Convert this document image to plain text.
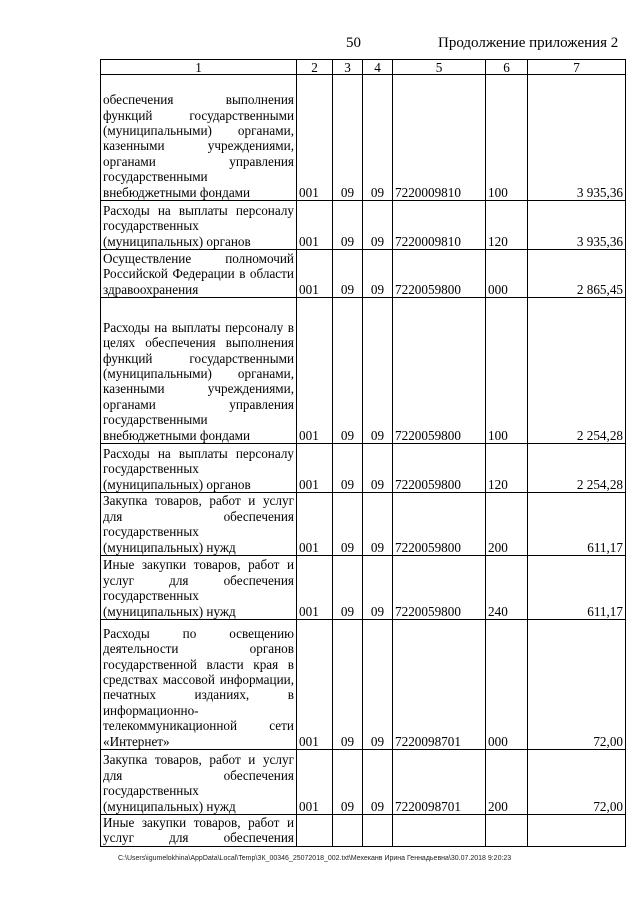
50	Продолжение приложения 2
1	2	3	4	5	6	7
обеспечения выполнения функций государственными (муниципальными) органами, казенными учреждениями, органами управления государственными внебюджетными фондами	001	09	09	7220009810	100	3 935,36
Расходы на выплаты персоналу государственных (муниципальных) органов	001	09	09	7220009810	120	3 935,36
Осуществление полномочий Российской Федерации в области здравоохранения	001	09	09	7220059800	000	2 865,45
Расходы на выплаты персоналу в целях обеспечения выполнения функций государственными (муниципальными) органами, казенными учреждениями, органами управления государственными внебюджетными фондами	001	09	09	7220059800	100	2 254,28
Расходы на выплаты персоналу государственных (муниципальных) органов	001	09	09	7220059800	120	2 254,28
Закупка товаров, работ и услуг для обеспечения государственных (муниципальных) нужд	001	09	09	7220059800	200	611,17
Иные закупки товаров, работ и услуг для обеспечения государственных (муниципальных) нужд	001	09	09	7220059800	240	611,17
Расходы по освещению деятельности органов государственной власти края в средствах массовой информации, печатных изданиях, в информационно-телекоммуникационной сети «Интернет»	001	09	09	7220098701	000	72,00
Закупка товаров, работ и услуг для обеспечения государственных (муниципальных) нужд	001	09	09	7220098701	200	72,00
Иные закупки товаров, работ и услуг для обеспечения						
C:\Users\igumelokhina\AppData\Local\Temp\ЗК_00346_25072018_002.txt\Мехеканв Ирина Геннадьевна\30.07.2018 9:20:23
